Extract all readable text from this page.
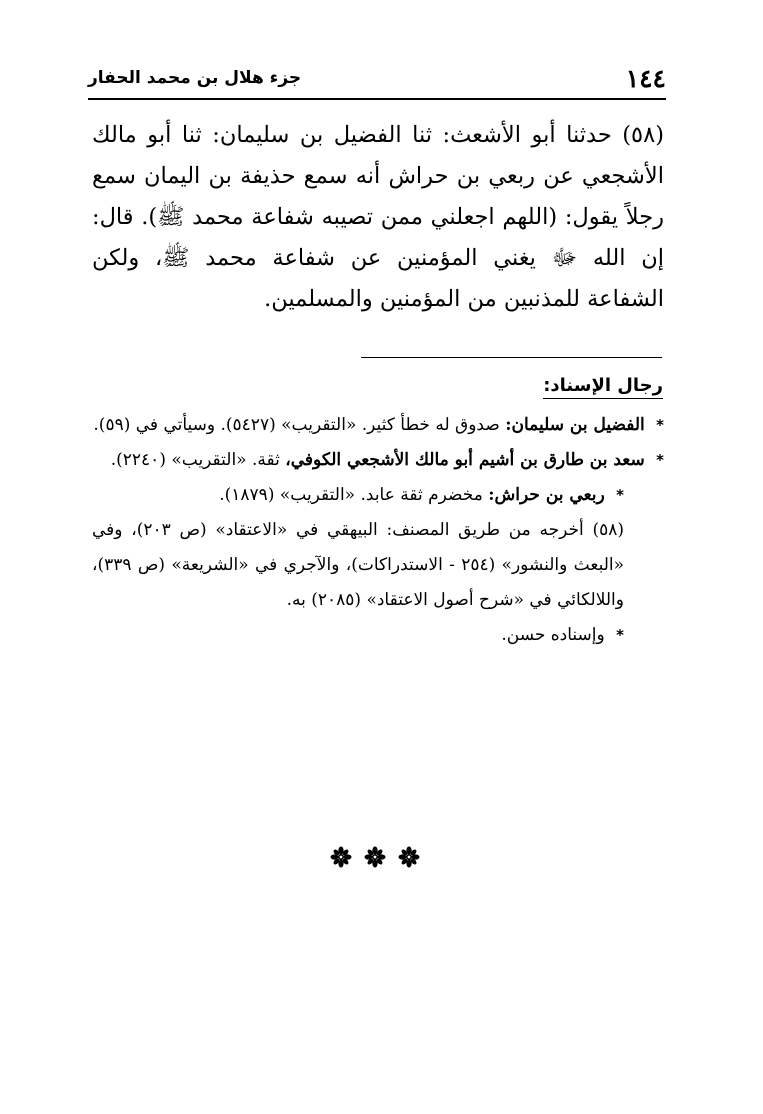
١٤٤
جزء هلال بن محمد الحفار

(٥٨) حدثنا أبو الأشعث: ثنا الفضيل بن سليمان: ثنا أبو مالك الأشجعي عن ربعي بن حراش أنه سمع حذيفة بن اليمان سمع رجلاً يقول: (اللهم اجعلني ممن تصيبه شفاعة محمد ﷺ). قال: إن الله ﷻ يغني المؤمنين عن شفاعة محمد ﷺ، ولكن الشفاعة للمذنبين من المؤمنين والمسلمين.

رجال الإسناد:

* الفضيل بن سليمان: صدوق له خطأ كثير. «التقريب» (٥٤٢٧). وسيأتي في (٥٩).

* سعد بن طارق بن أشيم أبو مالك الأشجعي الكوفي، ثقة. «التقريب» (٢٢٤٠).

* ربعي بن حراش: مخضرم ثقة عابد. «التقريب» (١٨٧٩).

(٥٨) أخرجه من طريق المصنف: البيهقي في «الاعتقاد» (ص ٢٠٣)، وفي «البعث والنشور» (٢٥٤ - الاستدراكات)، والآجري في «الشريعة» (ص ٣٣٩)، واللالكائي في «شرح أصول الاعتقاد» (٢٠٨٥) به.

* وإسناده حسن.
